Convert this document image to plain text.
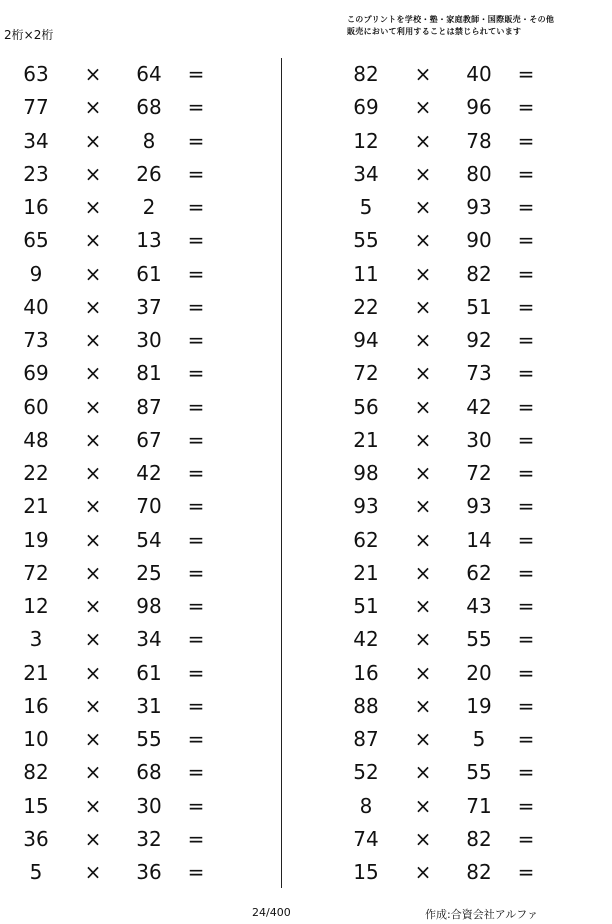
2桁×2桁
このプリントを学校・塾・家庭教師・国際販売・その他
販売において利用することは禁じられています
63	×	64	=
77	×	68	=
34	×	8	=
23	×	26	=
16	×	2	=
65	×	13	=
9	×	61	=
40	×	37	=
73	×	30	=
69	×	81	=
60	×	87	=
48	×	67	=
22	×	42	=
21	×	70	=
19	×	54	=
72	×	25	=
12	×	98	=
3	×	34	=
21	×	61	=
16	×	31	=
10	×	55	=
82	×	68	=
15	×	30	=
36	×	32	=
5	×	36	=
82	×	40	=
69	×	96	=
12	×	78	=
34	×	80	=
5	×	93	=
55	×	90	=
11	×	82	=
22	×	51	=
94	×	92	=
72	×	73	=
56	×	42	=
21	×	30	=
98	×	72	=
93	×	93	=
62	×	14	=
21	×	62	=
51	×	43	=
42	×	55	=
16	×	20	=
88	×	19	=
87	×	5	=
52	×	55	=
8	×	71	=
74	×	82	=
15	×	82	=
24/400	作成:合資会社アルファ
